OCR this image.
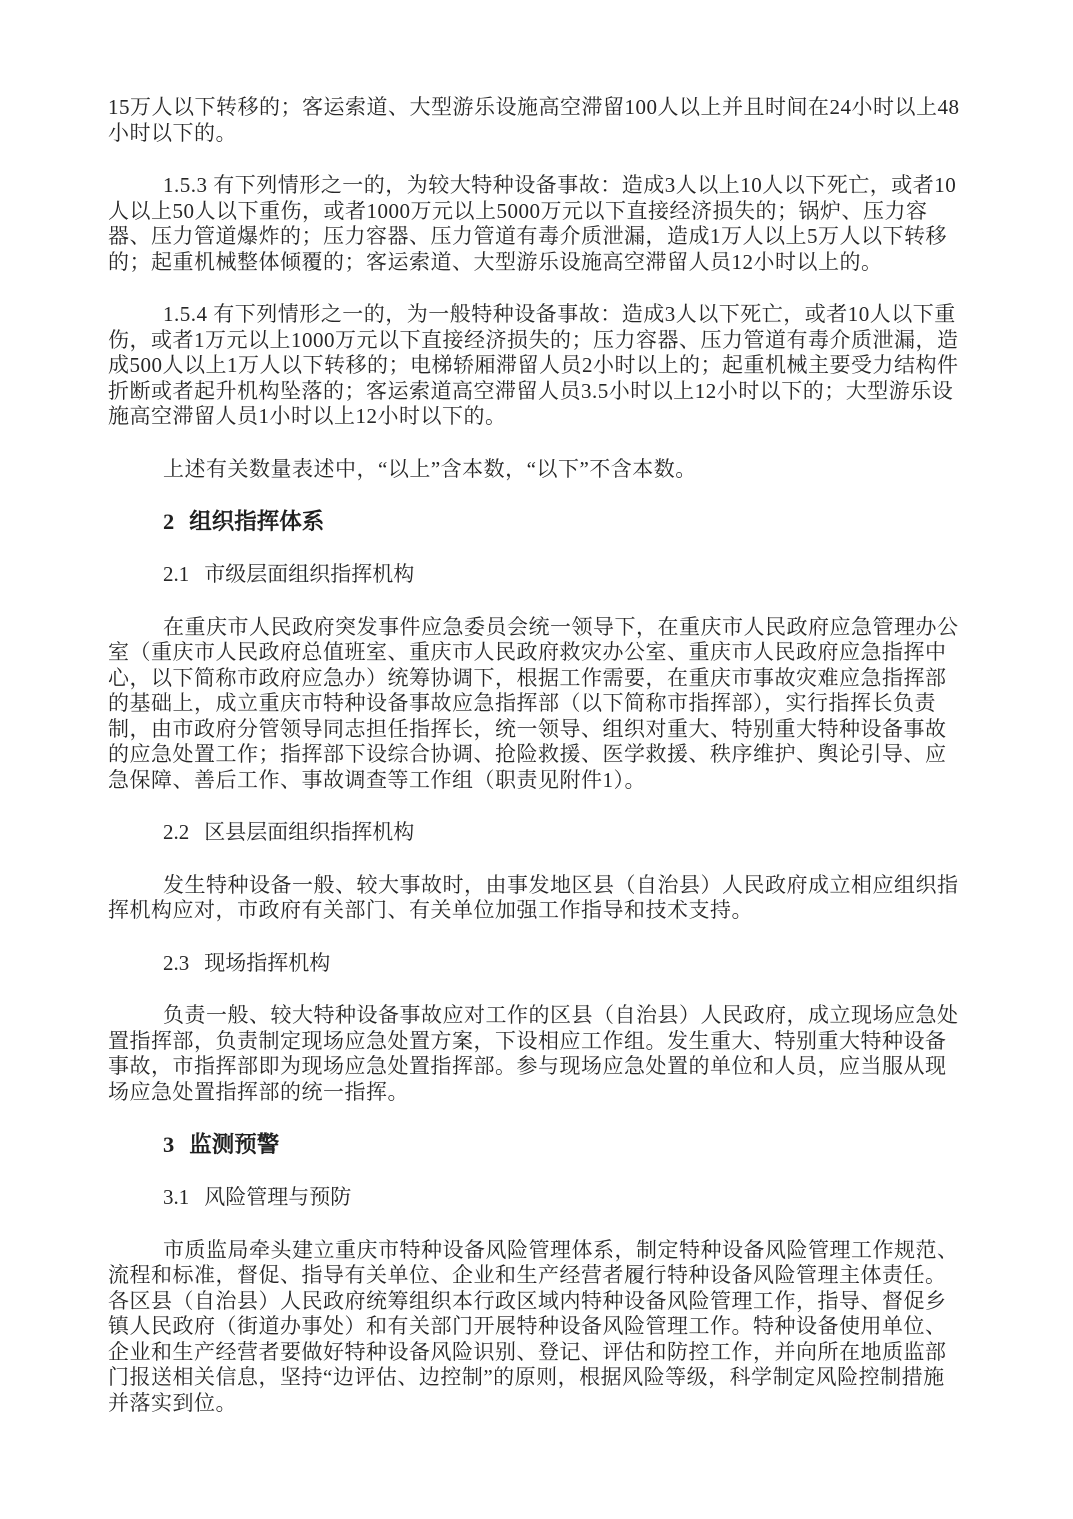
15万人以下转移的；客运索道、大型游乐设施高空滞留100人以上并且时间在24小时以上48小时以下的。

1.5.3 有下列情形之一的，为较大特种设备事故：造成3人以上10人以下死亡，或者10人以上50人以下重伤，或者1000万元以上5000万元以下直接经济损失的；锅炉、压力容器、压力管道爆炸的；压力容器、压力管道有毒介质泄漏，造成1万人以上5万人以下转移的；起重机械整体倾覆的；客运索道、大型游乐设施高空滞留人员12小时以上的。

1.5.4 有下列情形之一的，为一般特种设备事故：造成3人以下死亡，或者10人以下重伤，或者1万元以上1000万元以下直接经济损失的；压力容器、压力管道有毒介质泄漏，造成500人以上1万人以下转移的；电梯轿厢滞留人员2小时以上的；起重机械主要受力结构件折断或者起升机构坠落的；客运索道高空滞留人员3.5小时以上12小时以下的；大型游乐设施高空滞留人员1小时以上12小时以下的。

上述有关数量表述中，“以上”含本数，“以下”不含本数。

2 组织指挥体系
2.1 市级层面组织指挥机构

在重庆市人民政府突发事件应急委员会统一领导下，在重庆市人民政府应急管理办公室（重庆市人民政府总值班室、重庆市人民政府救灾办公室、重庆市人民政府应急指挥中心，以下简称市政府应急办）统筹协调下，根据工作需要，在重庆市事故灾难应急指挥部的基础上，成立重庆市特种设备事故应急指挥部（以下简称市指挥部），实行指挥长负责制，由市政府分管领导同志担任指挥长，统一领导、组织对重大、特别重大特种设备事故的应急处置工作；指挥部下设综合协调、抢险救援、医学救援、秩序维护、舆论引导、应急保障、善后工作、事故调查等工作组（职责见附件1）。

2.2 区县层面组织指挥机构

发生特种设备一般、较大事故时，由事发地区县（自治县）人民政府成立相应组织指挥机构应对，市政府有关部门、有关单位加强工作指导和技术支持。

2.3 现场指挥机构

负责一般、较大特种设备事故应对工作的区县（自治县）人民政府，成立现场应急处置指挥部，负责制定现场应急处置方案，下设相应工作组。发生重大、特别重大特种设备事故，市指挥部即为现场应急处置指挥部。参与现场应急处置的单位和人员，应当服从现场应急处置指挥部的统一指挥。

3 监测预警
3.1 风险管理与预防

市质监局牵头建立重庆市特种设备风险管理体系，制定特种设备风险管理工作规范、流程和标准，督促、指导有关单位、企业和生产经营者履行特种设备风险管理主体责任。各区县（自治县）人民政府统筹组织本行政区域内特种设备风险管理工作，指导、督促乡镇人民政府（街道办事处）和有关部门开展特种设备风险管理工作。特种设备使用单位、企业和生产经营者要做好特种设备风险识别、登记、评估和防控工作，并向所在地质监部门报送相关信息，坚持“边评估、边控制”的原则，根据风险等级，科学制定风险控制措施并落实到位。
